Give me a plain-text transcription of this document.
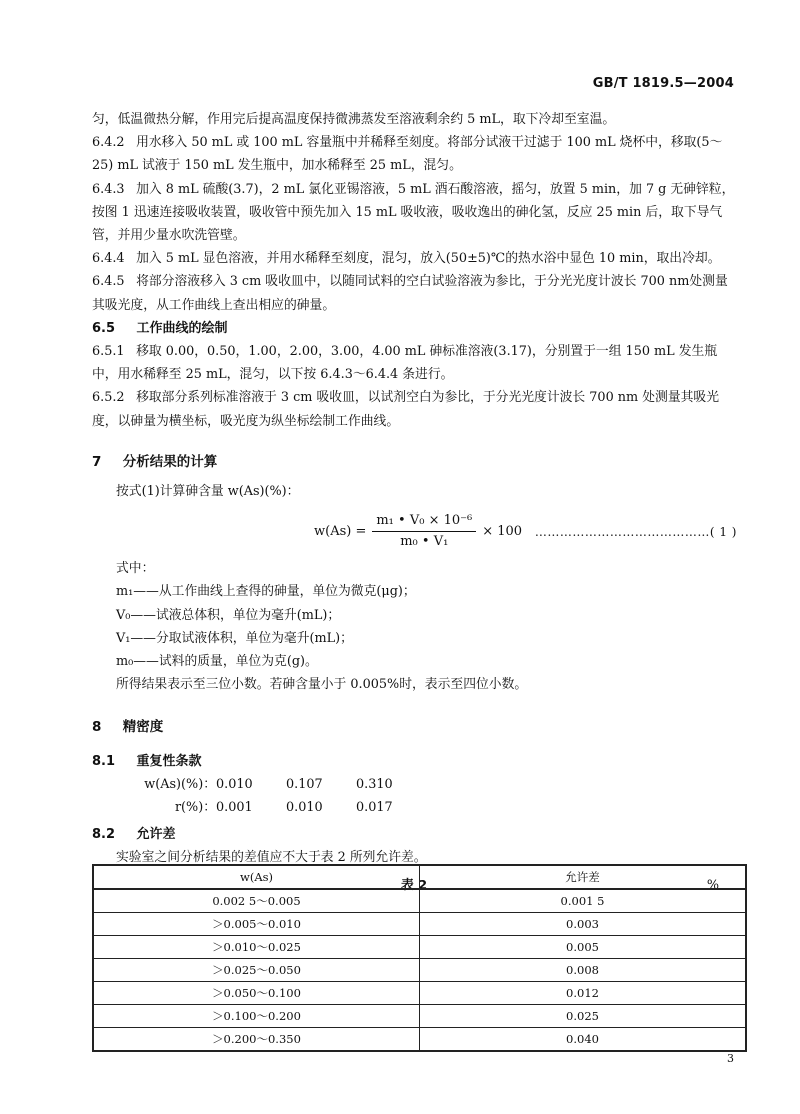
GB/T 1819.5—2004

匀，低温微热分解，作用完后提高温度保持微沸蒸发至溶液剩余约 5 mL，取下冷却至室温。

6.4.2 用水移入 50 mL 或 100 mL 容量瓶中并稀释至刻度。将部分试液干过滤于 100 mL 烧杯中，移取(5～25) mL 试液于 150 mL 发生瓶中，加水稀释至 25 mL，混匀。

6.4.3 加入 8 mL 硫酸(3.7)，2 mL 氯化亚锡溶液，5 mL 酒石酸溶液，摇匀，放置 5 min，加 7 g 无砷锌粒，按图 1 迅速连接吸收装置，吸收管中预先加入 15 mL 吸收液，吸收逸出的砷化氢，反应 25 min 后，取下导气管，并用少量水吹洗管壁。

6.4.4 加入 5 mL 显色溶液，并用水稀释至刻度，混匀，放入(50±5)℃的热水浴中显色 10 min，取出冷却。

6.4.5 将部分溶液移入 3 cm 吸收皿中，以随同试料的空白试验溶液为参比，于分光光度计波长 700 nm处测量其吸光度，从工作曲线上查出相应的砷量。

6.5 工作曲线的绘制

6.5.1 移取 0.00，0.50，1.00，2.00，3.00，4.00 mL 砷标准溶液(3.17)，分别置于一组 150 mL 发生瓶中，用水稀释至 25 mL，混匀，以下按 6.4.3～6.4.4 条进行。

6.5.2 移取部分系列标准溶液于 3 cm 吸收皿，以试剂空白为参比，于分光光度计波长 700 nm 处测量其吸光度，以砷量为横坐标，吸光度为纵坐标绘制工作曲线。

7 分析结果的计算

按式(1)计算砷含量 w(As)(%)：

$w(As) = \frac{\text{m₁ • V₀ × 10⁻⁶}}{\text{m₀ • V₁}} \times 100$ ……………………………………( 1 )

式中：

m₁——从工作曲线上查得的砷量，单位为微克(μg)；

V₀——试液总体积，单位为毫升(mL)；

V₁——分取试液体积，单位为毫升(mL)；

m₀——试料的质量，单位为克(g)。

所得结果表示至三位小数。若砷含量小于 0.005%时，表示至四位小数。

8 精密度

8.1 重复性条款

w(As)(%)： 0.010	0.107	0.310
r(%)： 0.001	0.010	0.017

8.2 允许差

实验室之间分析结果的差值应不大于表 2 所列允许差。

表 2	%
w(As)	允许差
0.002 5～0.005	0.001 5
＞0.005～0.010	0.003
＞0.010～0.025	0.005
＞0.025～0.050	0.008
＞0.050～0.100	0.012
＞0.100～0.200	0.025
＞0.200～0.350	0.040
3
